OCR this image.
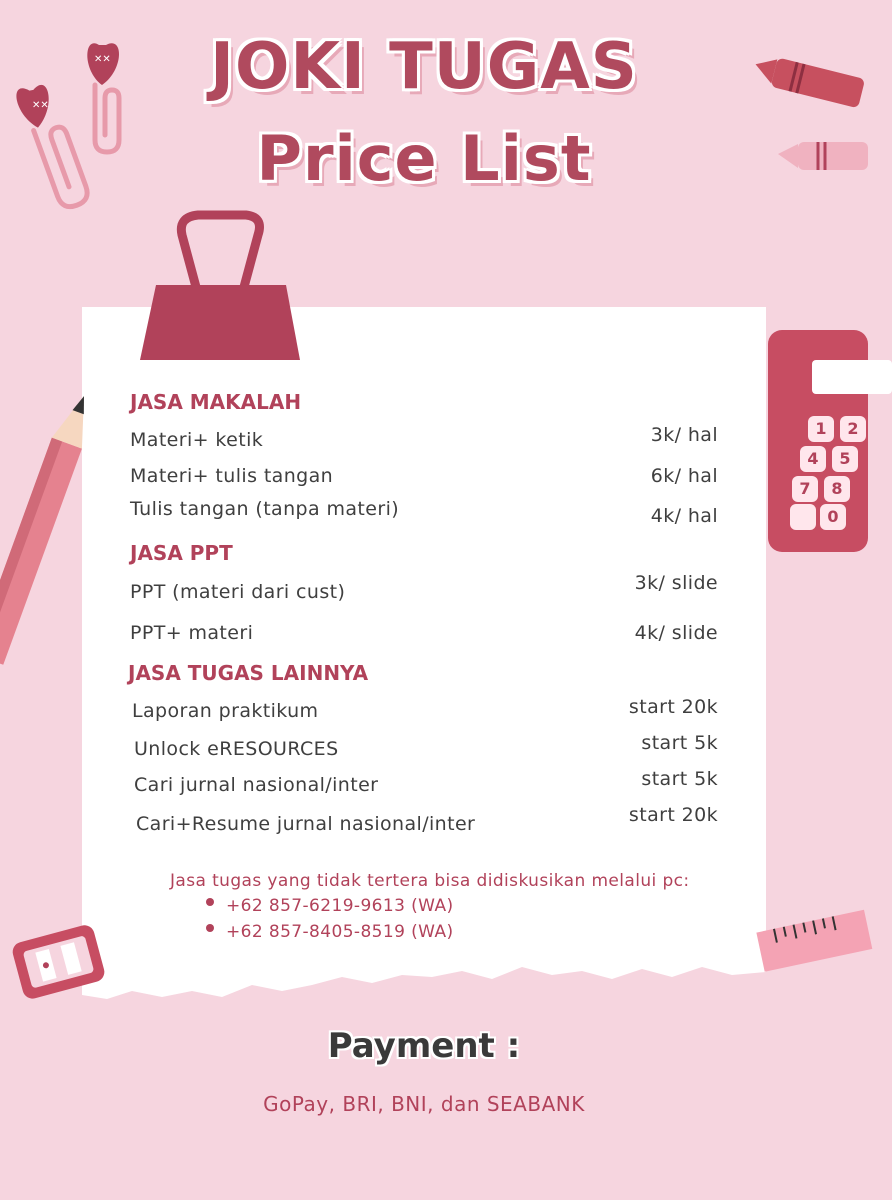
✕✕
✕✕	JOKI TUGAS
Price List
1	2
4	5
7	8
0
JASA MAKALAH
Materi+ ketik	3k/ hal
Materi+ tulis tangan	6k/ hal
Tulis tangan (tanpa materi)	4k/ hal
JASA PPT
PPT (materi dari cust)	3k/ slide
PPT+ materi	4k/ slide
JASA TUGAS LAINNYA
Laporan praktikum	start 20k
Unlock eRESOURCES	start 5k
Cari jurnal nasional/inter	start 5k
Cari+Resume jurnal nasional/inter	start 20k
Jasa tugas yang tidak tertera bisa didiskusikan melalui pc:
+62 857-6219-9613 (WA)
+62 857-8405-8519 (WA)
Payment :
GoPay, BRI, BNI, dan SEABANK
